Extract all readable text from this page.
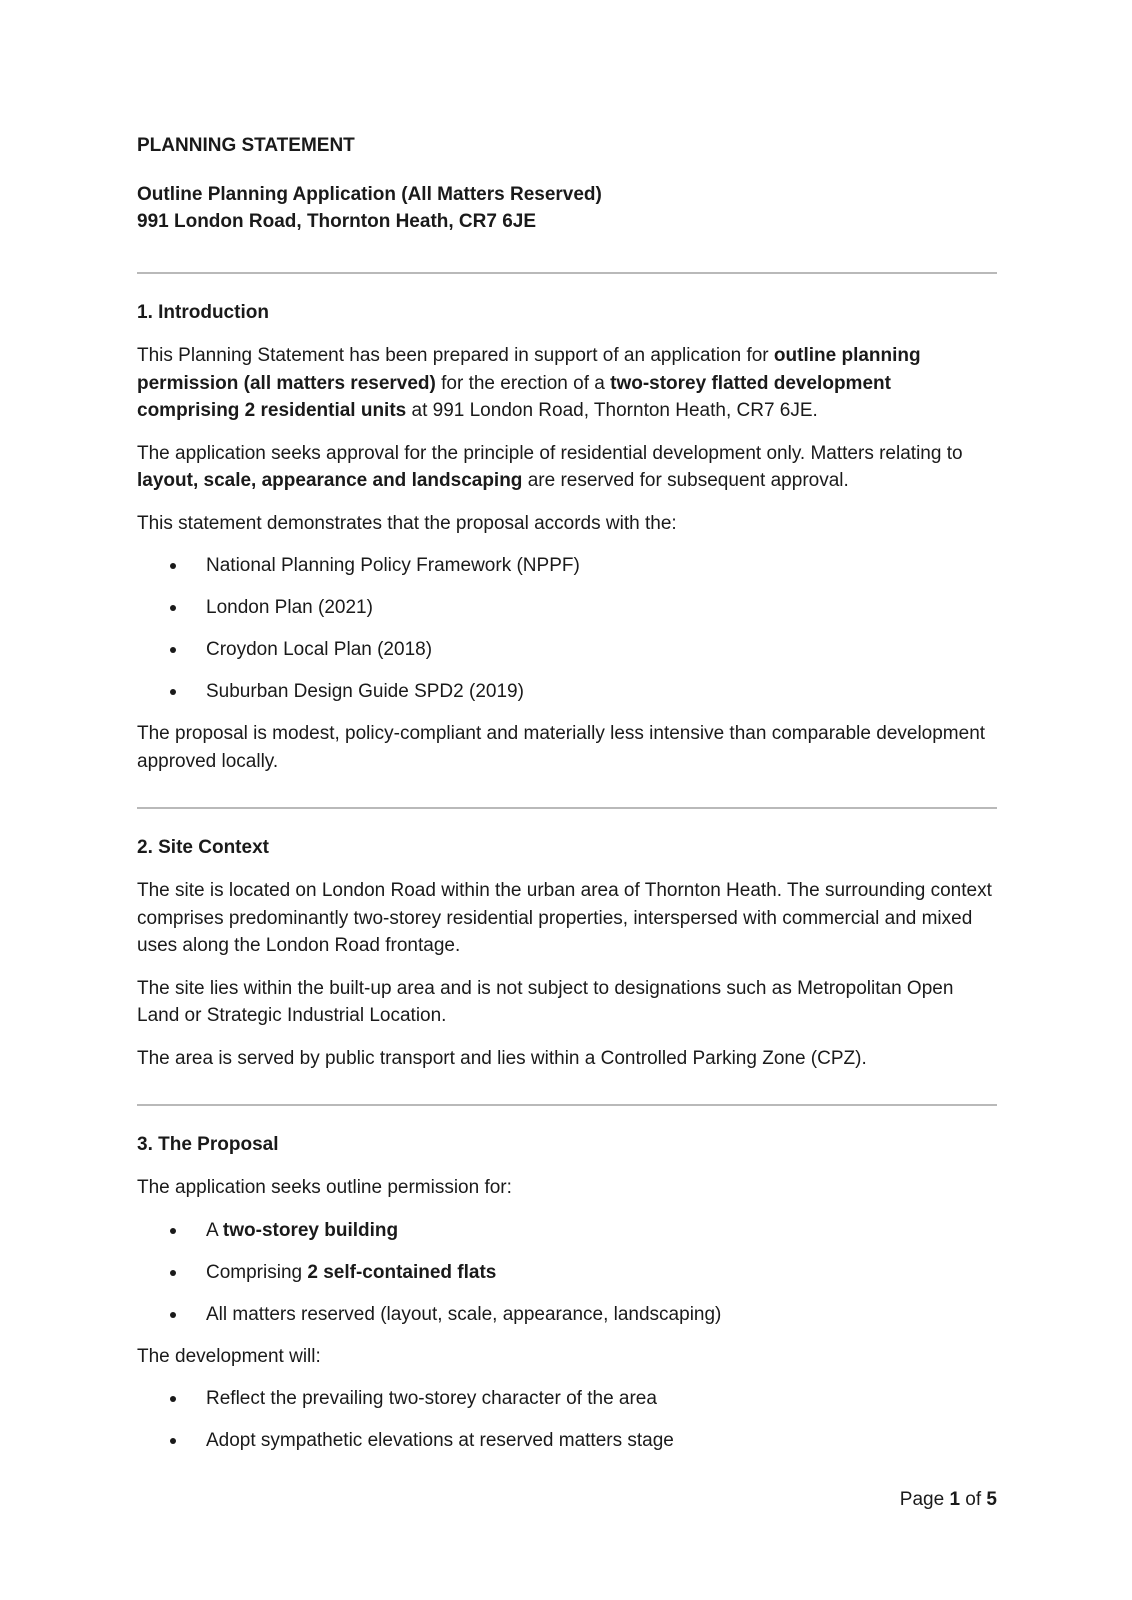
PLANNING STATEMENT
Outline Planning Application (All Matters Reserved)
991 London Road, Thornton Heath, CR7 6JE
1. Introduction

This Planning Statement has been prepared in support of an application for outline planning permission (all matters reserved) for the erection of a two-storey flatted development comprising 2 residential units at 991 London Road, Thornton Heath, CR7 6JE.

The application seeks approval for the principle of residential development only. Matters relating to layout, scale, appearance and landscaping are reserved for subsequent approval.

This statement demonstrates that the proposal accords with the:

National Planning Policy Framework (NPPF)
London Plan (2021)
Croydon Local Plan (2018)
Suburban Design Guide SPD2 (2019)

The proposal is modest, policy-compliant and materially less intensive than comparable development approved locally.

2. Site Context

The site is located on London Road within the urban area of Thornton Heath. The surrounding context comprises predominantly two-storey residential properties, interspersed with commercial and mixed uses along the London Road frontage.

The site lies within the built-up area and is not subject to designations such as Metropolitan Open Land or Strategic Industrial Location.

The area is served by public transport and lies within a Controlled Parking Zone (CPZ).

3. The Proposal

The application seeks outline permission for:

A two-storey building
Comprising 2 self-contained flats
All matters reserved (layout, scale, appearance, landscaping)

The development will:

Reflect the prevailing two-storey character of the area
Adopt sympathetic elevations at reserved matters stage
Page 1 of 5
